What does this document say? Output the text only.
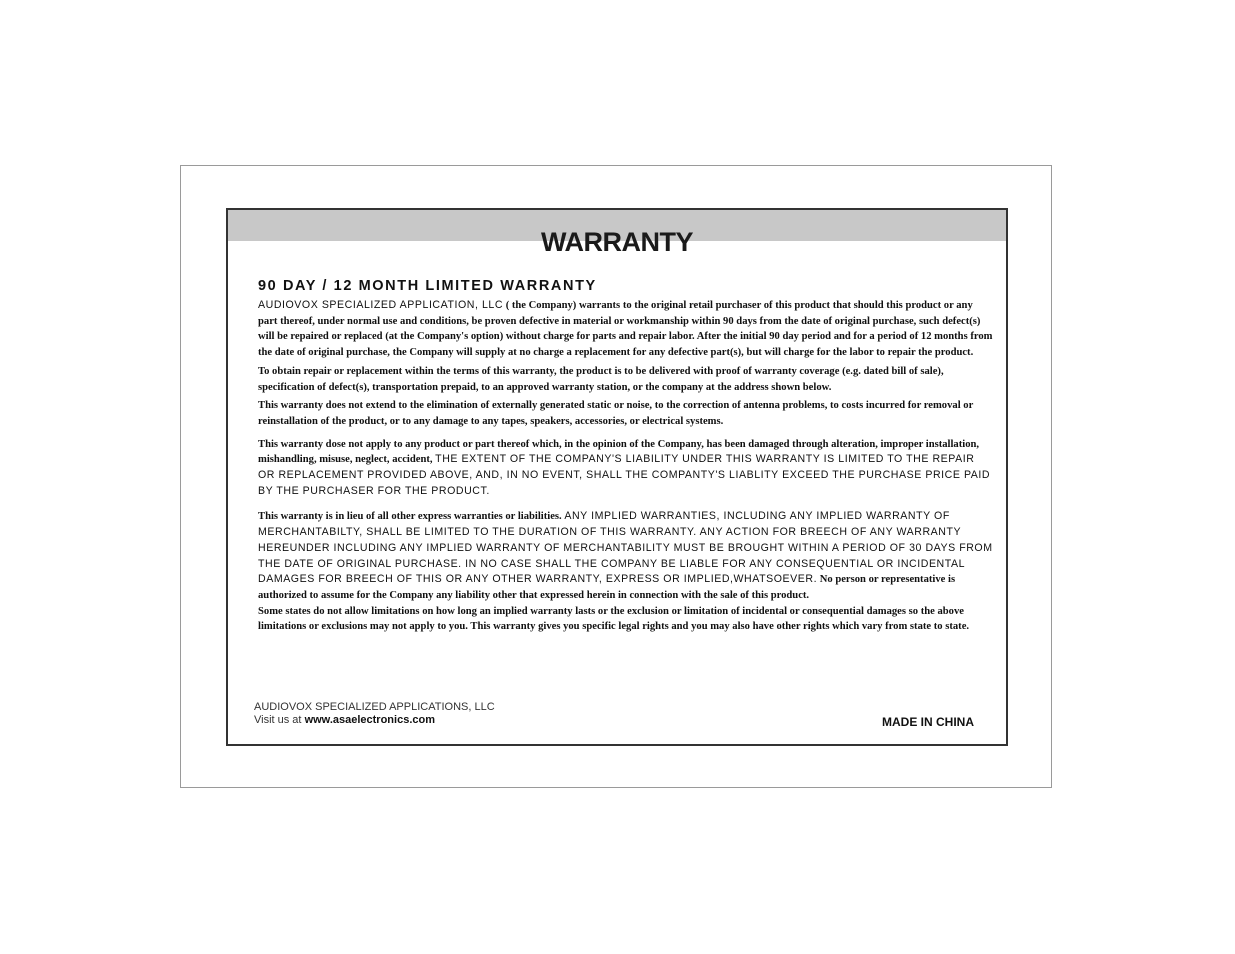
WARRANTY
90 DAY / 12 MONTH LIMITED WARRANTY

AUDIOVOX SPECIALIZED APPLICATION, LLC ( the Company) warrants to the original retail purchaser of this product that should this product or any part thereof, under normal use and conditions, be proven defective in material or workmanship within 90 days from the date of original purchase, such defect(s) will be repaired or replaced (at the Company's option) without charge for parts and repair labor. After the initial 90 day period and for a period of 12 months from the date of original purchase, the Company will supply at no charge a replacement for any defective part(s), but will charge for the labor to repair the product.

To obtain repair or replacement within the terms of this warranty, the product is to be delivered with proof of warranty coverage (e.g. dated bill of sale), specification of defect(s), transportation prepaid, to an approved warranty station, or the company at the address shown below.

This warranty does not extend to the elimination of externally generated static or noise, to the correction of antenna problems, to costs incurred for removal or reinstallation of the product, or to any damage to any tapes, speakers, accessories, or electrical systems.

This warranty dose not apply to any product or part thereof which, in the opinion of the Company, has been damaged through alteration, improper installation, mishandling, misuse, neglect, accident, THE EXTENT OF THE COMPANY'S LIABILITY UNDER THIS WARRANTY IS LIMITED TO THE REPAIR OR REPLACEMENT PROVIDED ABOVE, AND, IN NO EVENT, SHALL THE COMPANTY'S LIABLITY EXCEED THE PURCHASE PRICE PAID BY THE PURCHASER FOR THE PRODUCT.

This warranty is in lieu of all other express warranties or liabilities. ANY IMPLIED WARRANTIES, INCLUDING ANY IMPLIED WARRANTY OF MERCHANTABILTY, SHALL BE LIMITED TO THE DURATION OF THIS WARRANTY. ANY ACTION FOR BREECH OF ANY WARRANTY HEREUNDER INCLUDING ANY IMPLIED WARRANTY OF MERCHANTABILITY MUST BE BROUGHT WITHIN A PERIOD OF 30 DAYS FROM THE DATE OF ORIGINAL PURCHASE. IN NO CASE SHALL THE COMPANY BE LIABLE FOR ANY CONSEQUENTIAL OR INCIDENTAL DAMAGES FOR BREECH OF THIS OR ANY OTHER WARRANTY, EXPRESS OR IMPLIED,WHATSOEVER. No person or representative is authorized to assume for the Company any liability other that expressed herein in connection with the sale of this product.

Some states do not allow limitations on how long an implied warranty lasts or the exclusion or limitation of incidental or consequential damages so the above limitations or exclusions may not apply to you. This warranty gives you specific legal rights and you may also have other rights which vary from state to state.

AUDIOVOX SPECIALIZED APPLICATIONS, LLC
Visit us at www.asaelectronics.com	MADE IN CHINA
